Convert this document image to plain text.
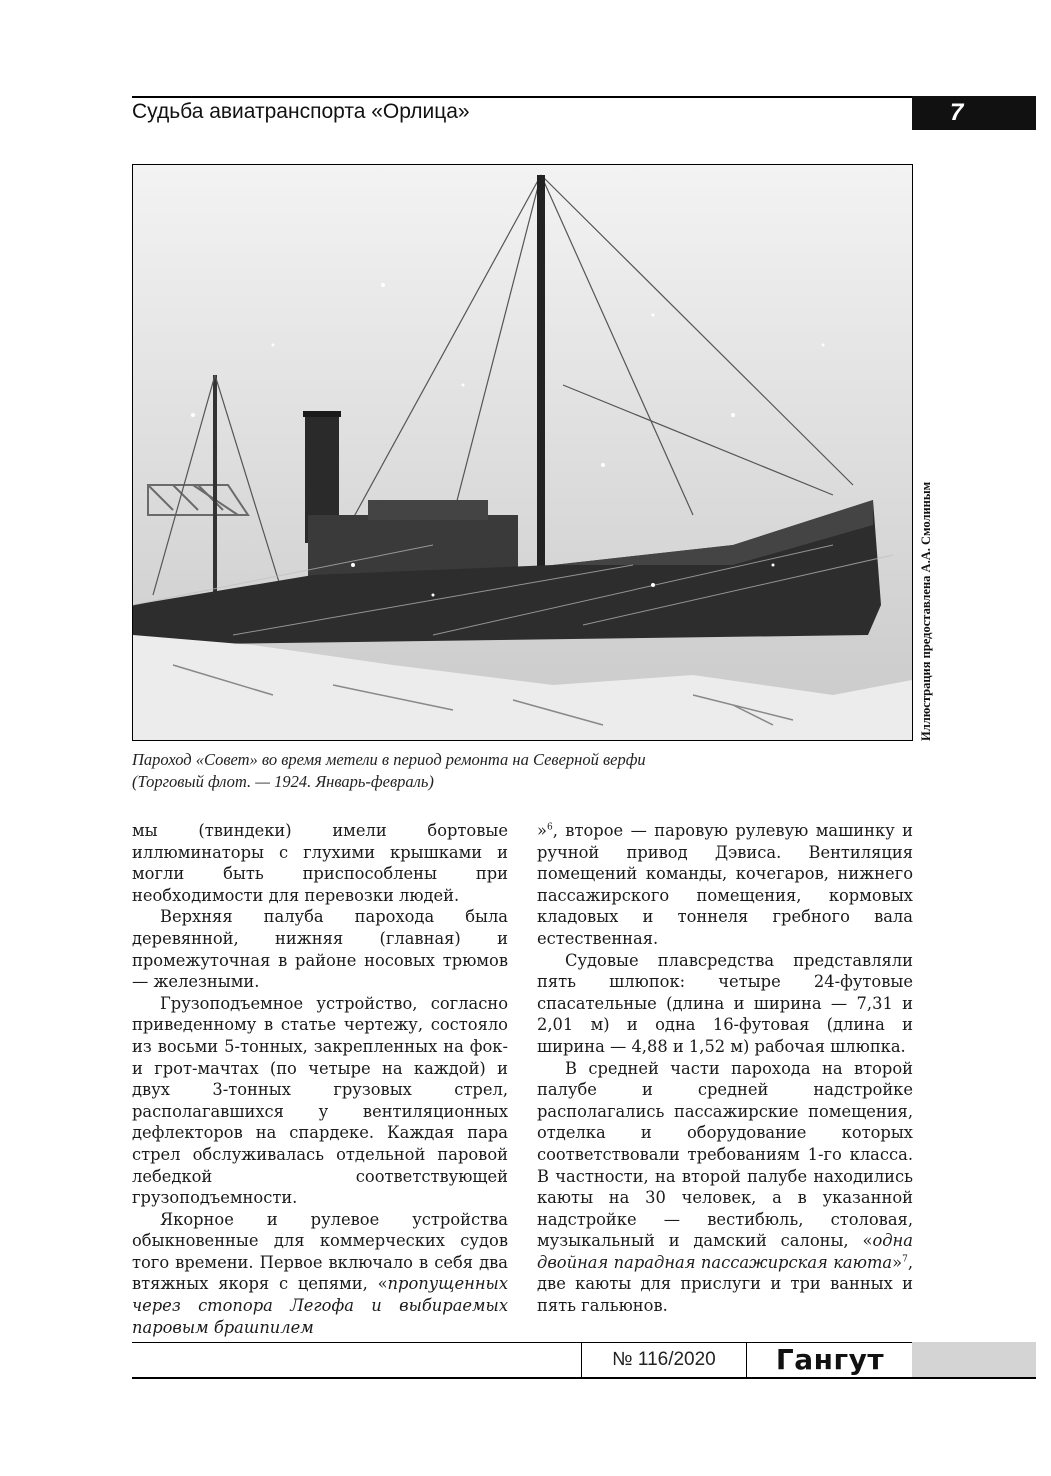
Судьба авиатранспорта «Орлица»	7
Иллюстрация предоставлена А.А. Смолиным
Пароход «Совет» во время метели в период ремонта на Северной верфи
(Торговый флот. — 1924. Январь-февраль)

мы (твиндеки) имели бортовые иллюминаторы с глухими крышками и могли быть приспособлены при необходимости для перевозки людей.

Верхняя палуба парохода была деревянной, нижняя (главная) и промежуточная в районе носовых трюмов — железными.

Грузоподъемное устройство, согласно приведенному в статье чертежу, состояло из восьми 5-тонных, закрепленных на фок- и грот-мачтах (по четыре на каждой) и двух 3-тонных грузовых стрел, располагавшихся у вентиляционных дефлекторов на спардеке. Каждая пара стрел обслуживалась отдельной паровой лебедкой соответствующей грузоподъемности.

Якорное и рулевое устройства обыкновенные для коммерческих судов того времени. Первое включало в себя два втяжных якоря с цепями, «пропущенных через стопора Легофа и выбираемых паровым брашпилем

»$^6$, второе — паровую рулевую машинку и ручной привод Дэвиса. Вентиляция помещений команды, кочегаров, нижнего пассажирского помещения, кормовых кладовых и тоннеля гребного вала естественная.

Судовые плавсредства представляли пять шлюпок: четыре 24-футовые спасательные (длина и ширина — 7,31 и 2,01 м) и одна 16-футовая (длина и ширина — 4,88 и 1,52 м) рабочая шлюпка.

В средней части парохода на второй палубе и средней надстройке располагались пассажирские помещения, отделка и оборудование которых соответствовали требованиям 1-го класса. В частности, на второй палубе находились каюты на 30 человек, а в указанной надстройке — вестибюль, столовая, музыкальный и дамский салоны, «одна двойная парадная пассажирская каюта»$^7$, две каюты для прислуги и три ванных и пять гальюнов.

№ 116/2020	Гангут
